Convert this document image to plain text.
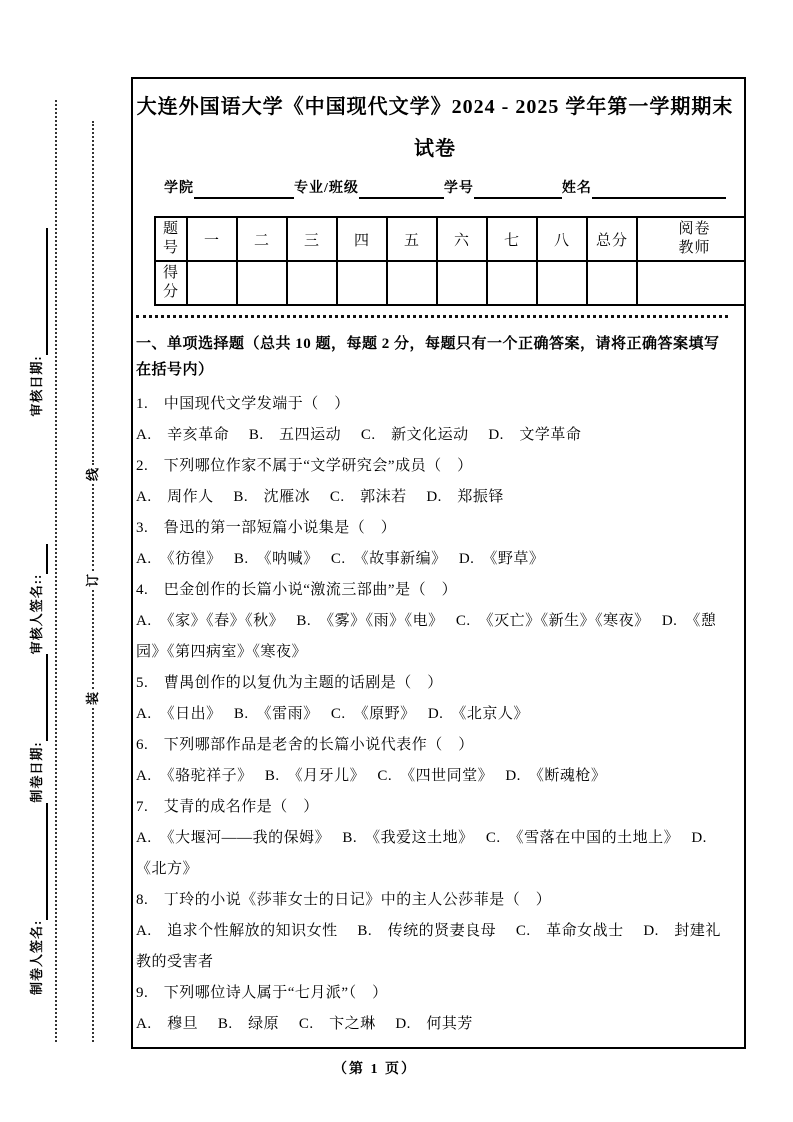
制卷人签名:
制卷日期:
审核人签名::
审核日期:
装
订
线
大连外国语大学《中国现代文学》2024 - 2025 学年第一学期期末
试卷
学院	专业/班级	学号	姓名
题号	一	二	三	四	五	六	七	八	总分	阅卷教师

得分										

一、单项选择题（总共 10 题，每题 2 分，每题只有一个正确答案，请将正确答案填写在括号内）

1.　中国现代文学发端于（　）

A.　辛亥革命　 B.　五四运动　 C.　新文化运动　 D.　文学革命

2.　下列哪位作家不属于“文学研究会”成员（　）

A.　周作人　 B.　沈雁冰　 C.　郭沫若　 D.　郑振铎

3.　鲁迅的第一部短篇小说集是（　）

A.　《彷徨》　 B.　《呐喊》　 C.　《故事新编》　 D.　《野草》

4.　巴金创作的长篇小说“激流三部曲”是（　）

A.　《家》《春》《秋》　 B.　《雾》《雨》《电》　 C.　《灭亡》《新生》《寒夜》　 D.　《憩园》《第四病室》《寒夜》

5.　曹禺创作的以复仇为主题的话剧是（　）

A.　《日出》　 B.　《雷雨》　 C.　《原野》　 D.　《北京人》

6.　下列哪部作品是老舍的长篇小说代表作（　）

A.　《骆驼祥子》　 B.　《月牙儿》　 C.　《四世同堂》　 D.　《断魂枪》

7.　艾青的成名作是（　）

A.　《大堰河——我的保姆》　 B.　《我爱这土地》　 C.　《雪落在中国的土地上》　 D.　《北方》

8.　丁玲的小说《莎菲女士的日记》中的主人公莎菲是（　）

A.　追求个性解放的知识女性　 B.　传统的贤妻良母　 C.　革命女战士　 D.　封建礼教的受害者

9.　下列哪位诗人属于“七月派”（　）

A.　穆旦　 B.　绿原　 C.　卞之琳　 D.　何其芳

（第 1 页）
